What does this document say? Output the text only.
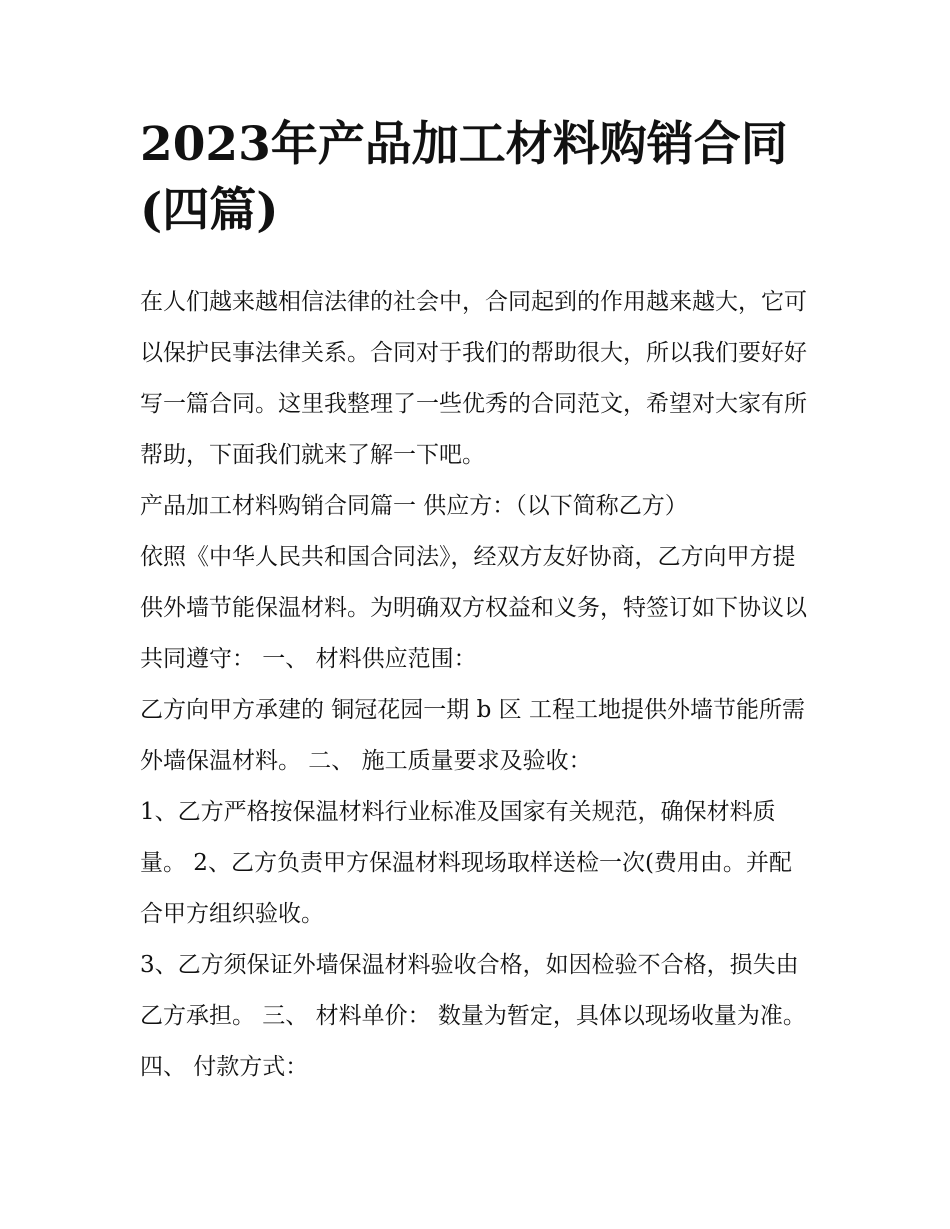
2023年产品加工材料购销合同(四篇)

在人们越来越相信法律的社会中，合同起到的作用越来越大，它可以保护民事法律关系。合同对于我们的帮助很大，所以我们要好好写一篇合同。这里我整理了一些优秀的合同范文，希望对大家有所帮助，下面我们就来了解一下吧。

产品加工材料购销合同篇一 供应方：（以下简称乙方）

依照《中华人民共和国合同法》，经双方友好协商，乙方向甲方提供外墙节能保温材料。为明确双方权益和义务，特签订如下协议以共同遵守： 一、 材料供应范围：

乙方向甲方承建的 铜冠花园一期 b 区 工程工地提供外墙节能所需外墙保温材料。 二、 施工质量要求及验收：

1、乙方严格按保温材料行业标准及国家有关规范，确保材料质量。 2、乙方负责甲方保温材料现场取样送检一次(费用由。并配合甲方组织验收。

3、乙方须保证外墙保温材料验收合格，如因检验不合格，损失由乙方承担。 三、 材料单价： 数量为暂定，具体以现场收量为准。 四、 付款方式：
